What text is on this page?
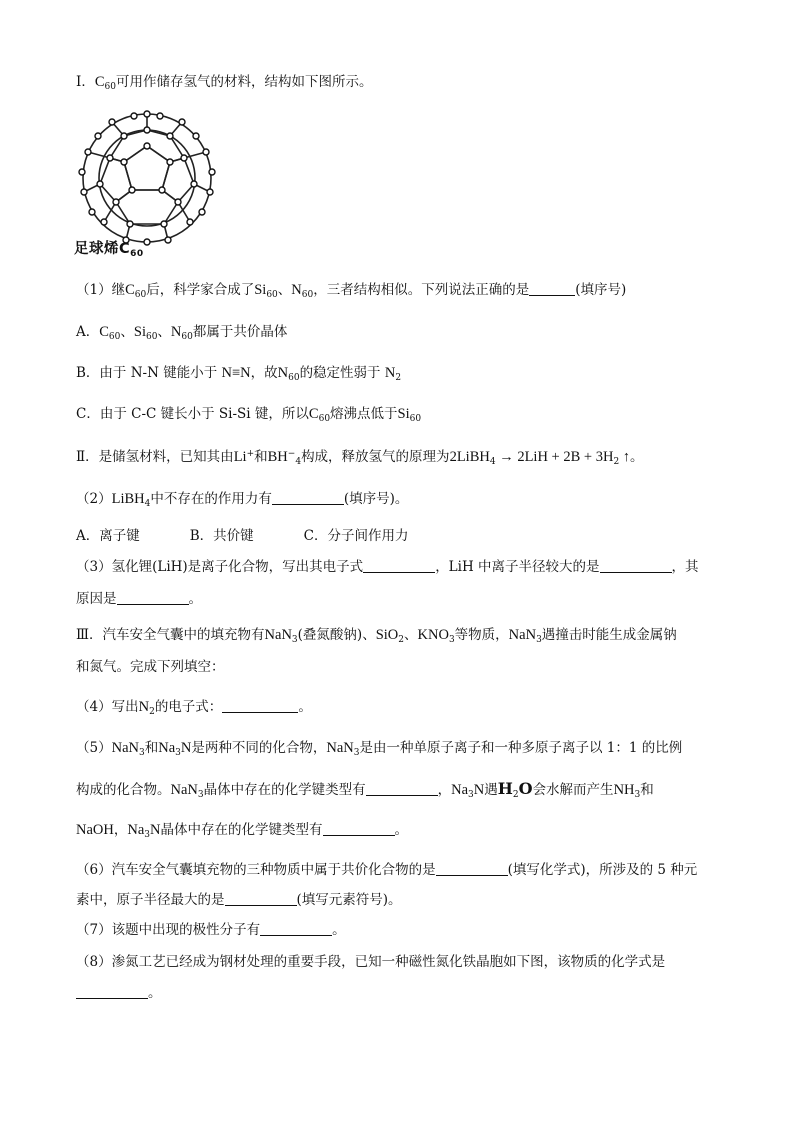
Ⅰ．$C_{60}$可用作储存氢气的材料，结构如下图所示。
足球烯$C_{60}$
（1）继$C_{60}$后，科学家合成了$Si_{60}$、$N_{60}$，三者结构相似。下列说法正确的是	(填序号)
A．$C_{60}$、$Si_{60}$、$N_{60}$都属于共价晶体
B．由于 N-N 键能小于 N≡N，故$N_{60}$的稳定性弱于 $N_2$
C．由于 C-C 键长小于 Si-Si 键，所以$C_{60}$熔沸点低于$Si_{60}$
Ⅱ．是储氢材料，已知其由Li+和$BH^-_4$构成，释放氢气的原理为2LiBH$_4$ → $2LiH + 2B + 3H_2$ ↑。
（2）LiBH$_4$中不存在的作用力有	(填序号)。
A．离子键	B．共价键	C．分子间作用力
（3）氢化锂(LiH)是离子化合物，写出其电子式	，LiH 中离子半径较大的是	，其
原因是	。
Ⅲ．汽车安全气囊中的填充物有NaN$_3$(叠氮酸钠)、SiO$_2$、$KNO_3$等物质，NaN$_3$遇撞击时能生成金属钠
和氮气。完成下列填空：
（4）写出$N_2$的电子式：	。
（5）NaN$_3$和$Na_3N$是两种不同的化合物，NaN$_3$是由一种单原子离子和一种多原子离子以 1：1 的比例
构成的化合物。NaN$_3$晶体中存在的化学键类型有	，$Na_3N$遇$H_2O$会水解而产生$NH_3$和
NaOH，$Na_3N$晶体中存在的化学键类型有	。
（6）汽车安全气囊填充物的三种物质中属于共价化合物的是	(填写化学式)，所涉及的 5 种元
素中，原子半径最大的是	(填写元素符号)。
（7）该题中出现的极性分子有	。
（8）渗氮工艺已经成为钢材处理的重要手段，已知一种磁性氮化铁晶胞如下图，该物质的化学式是
。
